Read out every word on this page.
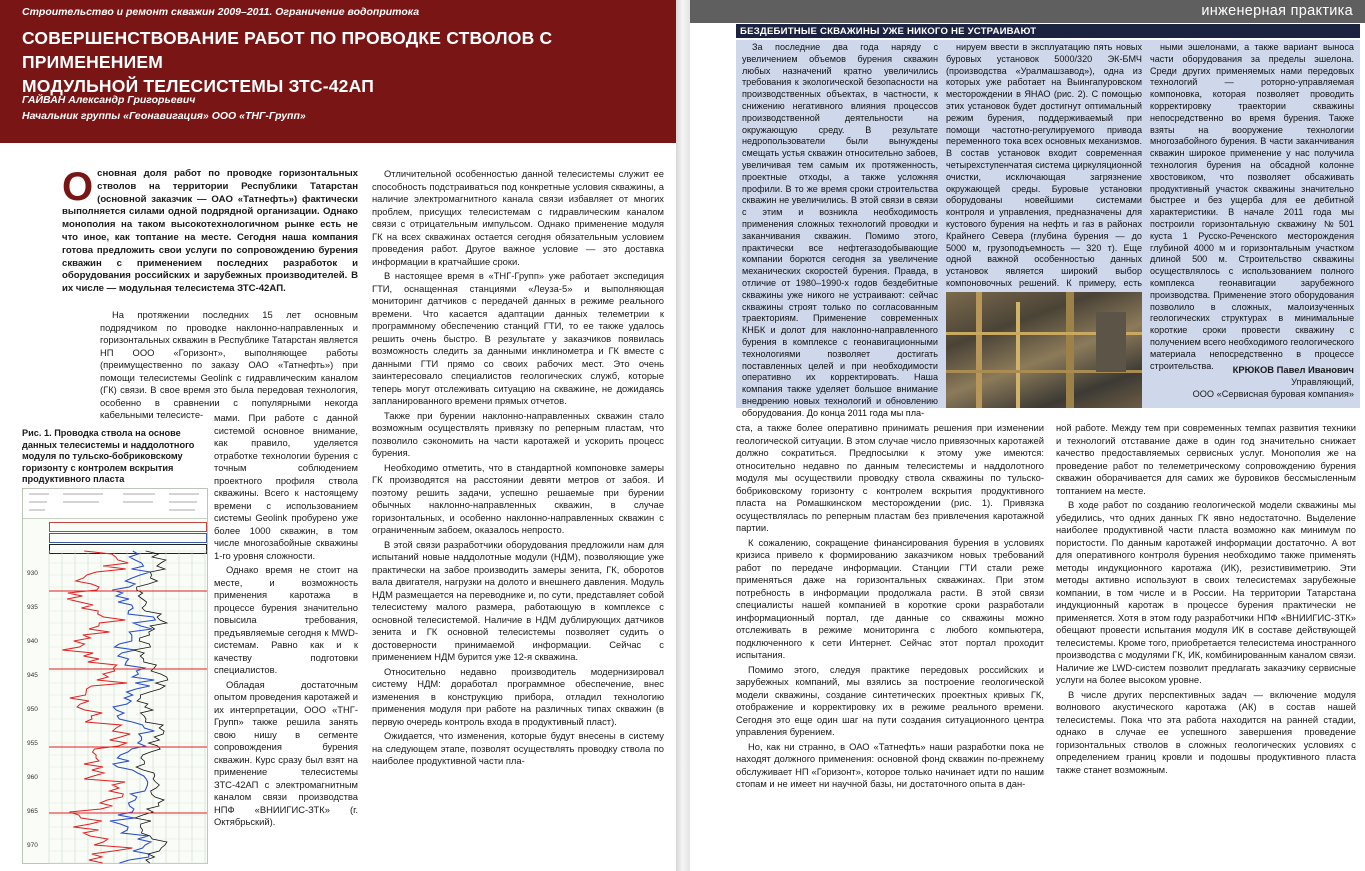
Строительство и ремонт скважин 2009–2011. Ограничение водопритока
СОВЕРШЕНСТВОВАНИЕ РАБОТ ПО ПРОВОДКЕ СТВОЛОВ С ПРИМЕНЕНИЕМ
МОДУЛЬНОЙ ТЕЛЕСИСТЕМЫ ЗТС-42АП
ГАЙВАН Александр Григорьевич
Начальник группы «Геонавигация» ООО «ТНГ-Групп»
О сновная доля работ по проводке горизонтальных стволов на территории Республики Татарстан (основной заказчик — ОАО «Татнефть») фактически выполняется силами одной подрядной организации. Однако монополия на таком высокотехнологичном рынке есть не что иное, как топтание на месте. Сегодня наша компания готова предложить свои услуги по сопровождению бурения скважин с применением последних разработок и оборудования российских и зарубежных производителей. В их числе — модульная телесистема ЗТС-42АП.

На протяжении последних 15 лет основным подрядчиком по проводке наклонно-направленных и горизонтальных скважин в Республике Татарстан является НП ООО «Горизонт», выполняющее работы (преимущественно по заказу ОАО «Татнефть») при помощи телесистемы Geolink с гидравлическим каналом (ГК) связи. В свое время это была передовая технология, особенно в сравнении с популярными некогда кабельными телесисте-

Рис. 1. Проводка ствола на основе данных телесистемы и наддолотного модуля по тульско-бобриковскому горизонту с контролем вскрытия продуктивного пласта
930
935
940
945
950
955
960
965
970

мами. При работе с данной системой основное внимание, как правило, уделяется отработке технологии бурения с точным соблюдением проектного профиля ствола скважины. Всего к настоящему времени с использованием системы Geolink пробурено уже более 1000 скважин, в том числе многозабойные скважины 1-го уровня сложности.

Однако время не стоит на месте, и возможность применения каротажа в процессе бурения значительно повысила требования, предъявляемые сегодня к MWD-системам. Равно как и к качеству подготовки специалистов.

Обладая достаточным опытом проведения каротажей и их интерпретации, ООО «ТНГ-Групп» также решила занять свою нишу в сегменте сопровождения бурения скважин. Курс сразу был взят на применение телесистемы ЗТС-42АП с электромагнитным каналом связи производства НПФ «ВНИИГИС-ЗТК» (г. Октябрьский).

Отличительной особенностью данной телесистемы служит ее способность подстраиваться под конкретные условия скважины, а наличие электромагнитного канала связи избавляет от многих проблем, присущих телесистемам с гидравлическим каналом связи с отрицательным импульсом. Однако применение модуля ГК на всех скважинах остается сегодня обязательным условием проведения работ. Другое важное условие — это доставка информации в кратчайшие сроки.

В настоящее время в «ТНГ-Групп» уже работает экспедиция ГТИ, оснащенная станциями «Леуза-5» и выполняющая мониторинг датчиков с передачей данных в режиме реального времени. Что касается адаптации данных телеметрии к программному обеспечению станций ГТИ, то ее также удалось решить очень быстро. В результате у заказчиков появилась возможность следить за данными инклинометра и ГК вместе с данными ГТИ прямо со своих рабочих мест. Это очень заинтересовало специалистов геологических служб, которые теперь могут отслеживать ситуацию на скважине, не дожидаясь запланированного времени прямых отчетов.

Также при бурении наклонно-направленных скважин стало возможным осуществлять привязку по реперным пластам, что позволило сэкономить на части каротажей и ускорить процесс бурения.

Необходимо отметить, что в стандартной компоновке замеры ГК производятся на расстоянии девяти метров от забоя. И поэтому решить задачи, успешно решаемые при бурении обычных наклонно-направленных скважин, в случае горизонтальных, и особенно наклонно-направленных скважин с ограниченным забоем, оказалось непросто.

В этой связи разработчики оборудования предложили нам для испытаний новые наддолотные модули (НДМ), позволяющие уже практически на забое производить замеры зенита, ГК, оборотов вала двигателя, нагрузки на долото и внешнего давления. Модуль НДМ размещается на переводнике и, по сути, представляет собой телесистему малого размера, работающую в комплексе с основной телесистемой. Наличие в НДМ дублирующих датчиков зенита и ГК основной телесистемы позволяет судить о достоверности принимаемой информации. Сейчас с применением НДМ бурится уже 12-я скважина.

Относительно недавно производитель модернизировал систему НДМ: доработал программное обеспечение, внес изменения в конструкцию прибора, отладил технологию применения модуля при работе на различных типах скважин (в первую очередь контроль входа в продуктивный пласт).

Ожидается, что изменения, которые будут внесены в систему на следующем этапе, позволят осуществлять проводку ствола по наиболее продуктивной части пла-

инженерная практика
БЕЗДЕБИТНЫЕ СКВАЖИНЫ УЖЕ НИКОГО НЕ УСТРАИВАЮТ

За последние два года наряду с увеличением объемов бурения скважин любых назначений кратно увеличились требования к экологической безопасности на производственных объектах, в частности, к снижению негативного влияния процессов производственной деятельности на окружающую среду. В результате недропользователи были вынуждены смещать устья скважин относительно забоев, увеличивая тем самым их протяженность, проектные отходы, а также усложняя профили. В то же время сроки строительства скважин не увеличились. В этой связи в связи с этим и возникла необходимость применения сложных технологий проводки и заканчивания скважин. Помимо этого, практически все нефтегазодобывающие компании борются сегодня за увеличение механических скоростей бурения. Правда, в отличие от 1980–1990-х годов бездебитные скважины уже никого не устраивают: сейчас скважины строят только по согласованным траекториям. Применение современных КНБК и долот для наклонно-направленного бурения в комплексе с геонавигационными технологиями позволяет достигать поставленных целей и при необходимости оперативно их корректировать. Наша компания также уделяет большое внимание внедрению новых технологий и обновлению оборудования. До конца 2011 года мы пла-

нируем ввести в эксплуатацию пять новых буровых установок 5000/320 ЭК-БМЧ (производства «Уралмашзавод»), одна из которых уже работает на Выингапуровском месторождении в ЯНАО (рис. 2). С помощью этих установок будет достигнут оптимальный режим бурения, поддерживаемый при помощи частотно-регулируемого привода переменного тока всех основных механизмов. В состав установок входит современная четырехступенчатая система циркуляционной очистки, исключающая загрязнение окружающей среды. Буровые установки оборудованы новейшими системами контроля и управления, предназначены для кустового бурения на нефть и газ в районах Крайнего Севера (глубина бурения — до 5000 м, грузоподъемность — 320 т). Еще одной важной особенностью данных установок является широкий выбор компоновочных решений. К примеру, есть

ными эшелонами, а также вариант выноса части оборудования за пределы эшелона. Среди других применяемых нами передовых технологий — роторно-управляемая компоновка, которая позволяет проводить корректировку траектории скважины непосредственно во время бурения. Также взяты на вооружение технологии многозабойного бурения. В части заканчивания скважин широкое применение у нас получила технология бурения на обсадной колонне хвостовиком, что позволяет обсаживать продуктивный участок скважины значительно быстрее и без ущерба для ее дебитной характеристики. В начале 2011 года мы построили горизонтальную скважину №501 куста 1 Русско-Реченского месторождения глубиной 4000 м и горизонтальным участком длиной 500 м. Строительство скважины осуществлялось с использованием полного комплекса геонавигации зарубежного производства. Применение этого оборудования позволило в сложных, малоизученных геологических структурах в минимальные короткие сроки провести скважину с получением всего необходимого геологического материала непосредственно в процессе строительства.	КРЮКОВ Павел Иванович
Управляющий,
ООО «Сервисная буровая компания»

ста, а также более оперативно принимать решения при изменении геологической ситуации. В этом случае число привязочных каротажей должно сократиться. Предпосылки к этому уже имеются: относительно недавно по данным телесистемы и наддолотного модуля мы осуществили проводку ствола скважины по тульско-бобриковскому горизонту с контролем вскрытия продуктивного пласта на Ромашкинском месторождении (рис. 1). Привязка осуществлялась по реперным пластам без привлечения каротажной партии.

К сожалению, сокращение финансирования бурения в условиях кризиса привело к формированию заказчиком новых требований работ по передаче информации. Станции ГТИ стали реже применяться даже на горизонтальных скважинах. При этом потребность в информации продолжала расти. В этой связи специалисты нашей компанией в короткие сроки разработали информационный портал, где данные со скважины можно отслеживать в режиме мониторинга с любого компьютера, подключенного к сети Интернет. Сейчас этот портал проходит испытания.

Помимо этого, следуя практике передовых российских и зарубежных компаний, мы взялись за построение геологической модели скважины, создание синтетических проектных кривых ГК, отображение и корректировку их в режиме реального времени. Сегодня это еще один шаг на пути создания ситуационного центра управления бурением.

Но, как ни странно, в ОАО «Татнефть» наши разработки пока не находят должного применения: основной фонд скважин по-прежнему обслуживает НП «Горизонт», которое только начинает идти по нашим стопам и не имеет ни научной базы, ни достаточного опыта в дан-

ной работе. Между тем при современных темпах развития техники и технологий отставание даже в один год значительно снижает качество предоставляемых сервисных услуг. Монополия же на проведение работ по телеметрическому сопровождению бурения скважин оборачивается для самих же буровиков бессмысленным топтанием на месте.

В ходе работ по созданию геологической модели скважины мы убедились, что одних данных ГК явно недостаточно. Выделение наиболее продуктивной части пласта возможно как минимум по пористости. По данным каротажей информации достаточно. А вот для оперативного контроля бурения необходимо также применять методы индукционного каротажа (ИК), резистивиметрию. Эти методы активно используют в своих телесистемах зарубежные компании, в том числе и в России. На территории Татарстана индукционный каротаж в процессе бурения практически не применяется. Хотя в этом году разработчики НПФ «ВНИИГИС-ЗТК» обещают провести испытания модуля ИК в составе действующей телесистемы. Кроме того, приобретается телесистема иностранного производства с модулями ГК, ИК, комбинированным каналом связи. Наличие же LWD-систем позволит предлагать заказчику сервисные услуги на более высоком уровне.

В числе других перспективных задач — включение модуля волнового акустического каротажа (АК) в состав нашей телесистемы. Пока что эта работа находится на ранней стадии, однако в случае ее успешного завершения проведение горизонтальных стволов в сложных геологических условиях с определением границ кровли и подошвы продуктивного пласта также станет возможным.
